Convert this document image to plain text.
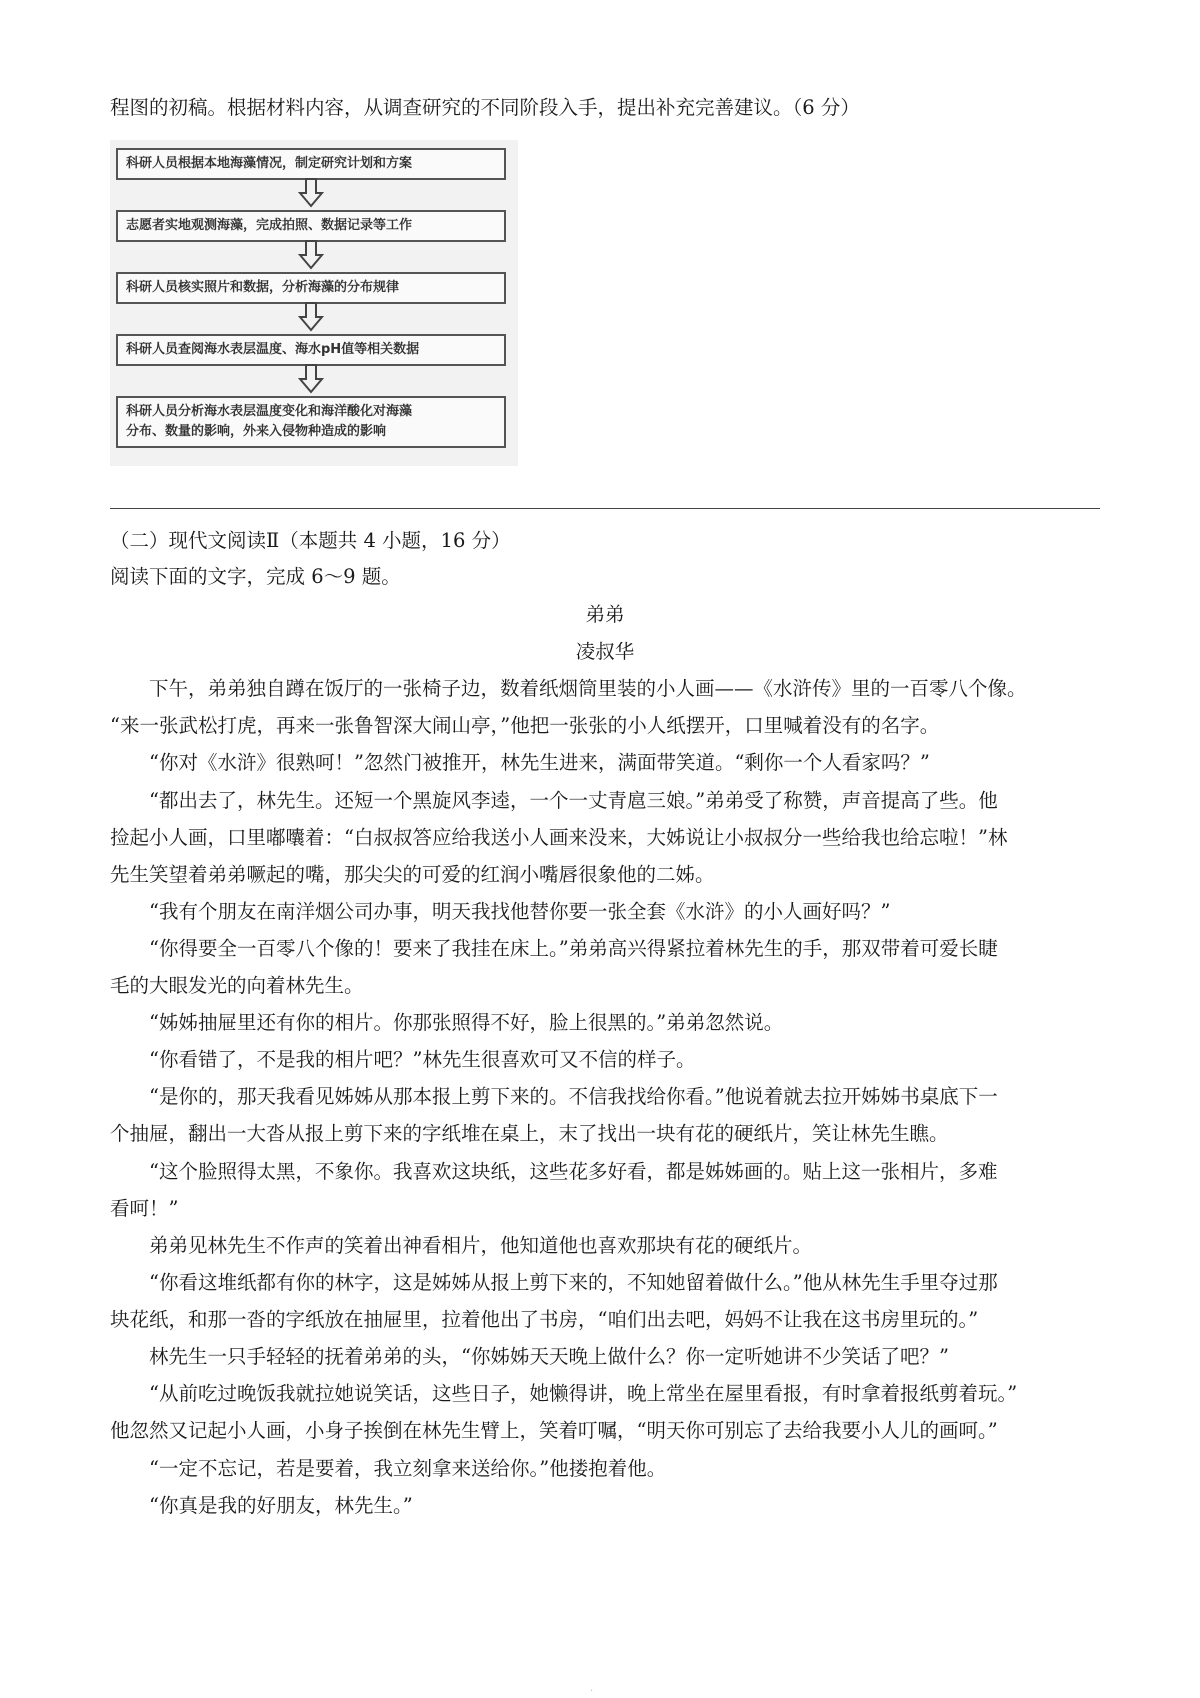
程图的初稿。根据材料内容，从调查研究的不同阶段入手，提出补充完善建议。（6 分）
科研人员根据本地海藻情况，制定研究计划和方案
志愿者实地观测海藻，完成拍照、数据记录等工作
科研人员核实照片和数据，分析海藻的分布规律
科研人员查阅海水表层温度、海水pH值等相关数据
科研人员分析海水表层温度变化和海洋酸化对海藻
分布、数量的影响，外来入侵物种造成的影响
（二）现代文阅读Ⅱ（本题共 4 小题，16 分）
阅读下面的文字，完成 6～9 题。
弟弟
凌叔华
　　下午，弟弟独自蹲在饭厅的一张椅子边，数着纸烟筒里装的小人画——《水浒传》里的一百零八个像。
“来一张武松打虎，再来一张鲁智深大闹山亭，”他把一张张的小人纸摆开，口里喊着没有的名字。
　　“你对《水浒》很熟呵！”忽然门被推开，林先生进来，满面带笑道。“剩你一个人看家吗？”
　　“都出去了，林先生。还短一个黑旋风李逵，一个一丈青扈三娘。”弟弟受了称赞，声音提高了些。他
捡起小人画，口里嘟囔着：“白叔叔答应给我送小人画来没来，大姊说让小叔叔分一些给我也给忘啦！”林
先生笑望着弟弟噘起的嘴，那尖尖的可爱的红润小嘴唇很象他的二姊。
　　“我有个朋友在南洋烟公司办事，明天我找他替你要一张全套《水浒》的小人画好吗？”
　　“你得要全一百零八个像的！要来了我挂在床上。”弟弟高兴得紧拉着林先生的手，那双带着可爱长睫
毛的大眼发光的向着林先生。
　　“姊姊抽屉里还有你的相片。你那张照得不好，脸上很黑的。”弟弟忽然说。
　　“你看错了，不是我的相片吧？”林先生很喜欢可又不信的样子。
　　“是你的，那天我看见姊姊从那本报上剪下来的。不信我找给你看。”他说着就去拉开姊姊书桌底下一
个抽屉，翻出一大沓从报上剪下来的字纸堆在桌上，末了找出一块有花的硬纸片，笑让林先生瞧。
　　“这个脸照得太黑，不象你。我喜欢这块纸，这些花多好看，都是姊姊画的。贴上这一张相片，多难
看呵！”
　　弟弟见林先生不作声的笑着出神看相片，他知道他也喜欢那块有花的硬纸片。
　　“你看这堆纸都有你的林字，这是姊姊从报上剪下来的，不知她留着做什么。”他从林先生手里夺过那
块花纸，和那一沓的字纸放在抽屉里，拉着他出了书房，“咱们出去吧，妈妈不让我在这书房里玩的。”
　　林先生一只手轻轻的抚着弟弟的头，“你姊姊天天晚上做什么？你一定听她讲不少笑话了吧？”
　　“从前吃过晚饭我就拉她说笑话，这些日子，她懒得讲，晚上常坐在屋里看报，有时拿着报纸剪着玩。”
他忽然又记起小人画，小身子挨倒在林先生臂上，笑着叮嘱，“明天你可别忘了去给我要小人儿的画呵。”
　　“一定不忘记，若是要着，我立刻拿来送给你。”他搂抱着他。
　　“你真是我的好朋友，林先生。”
.
